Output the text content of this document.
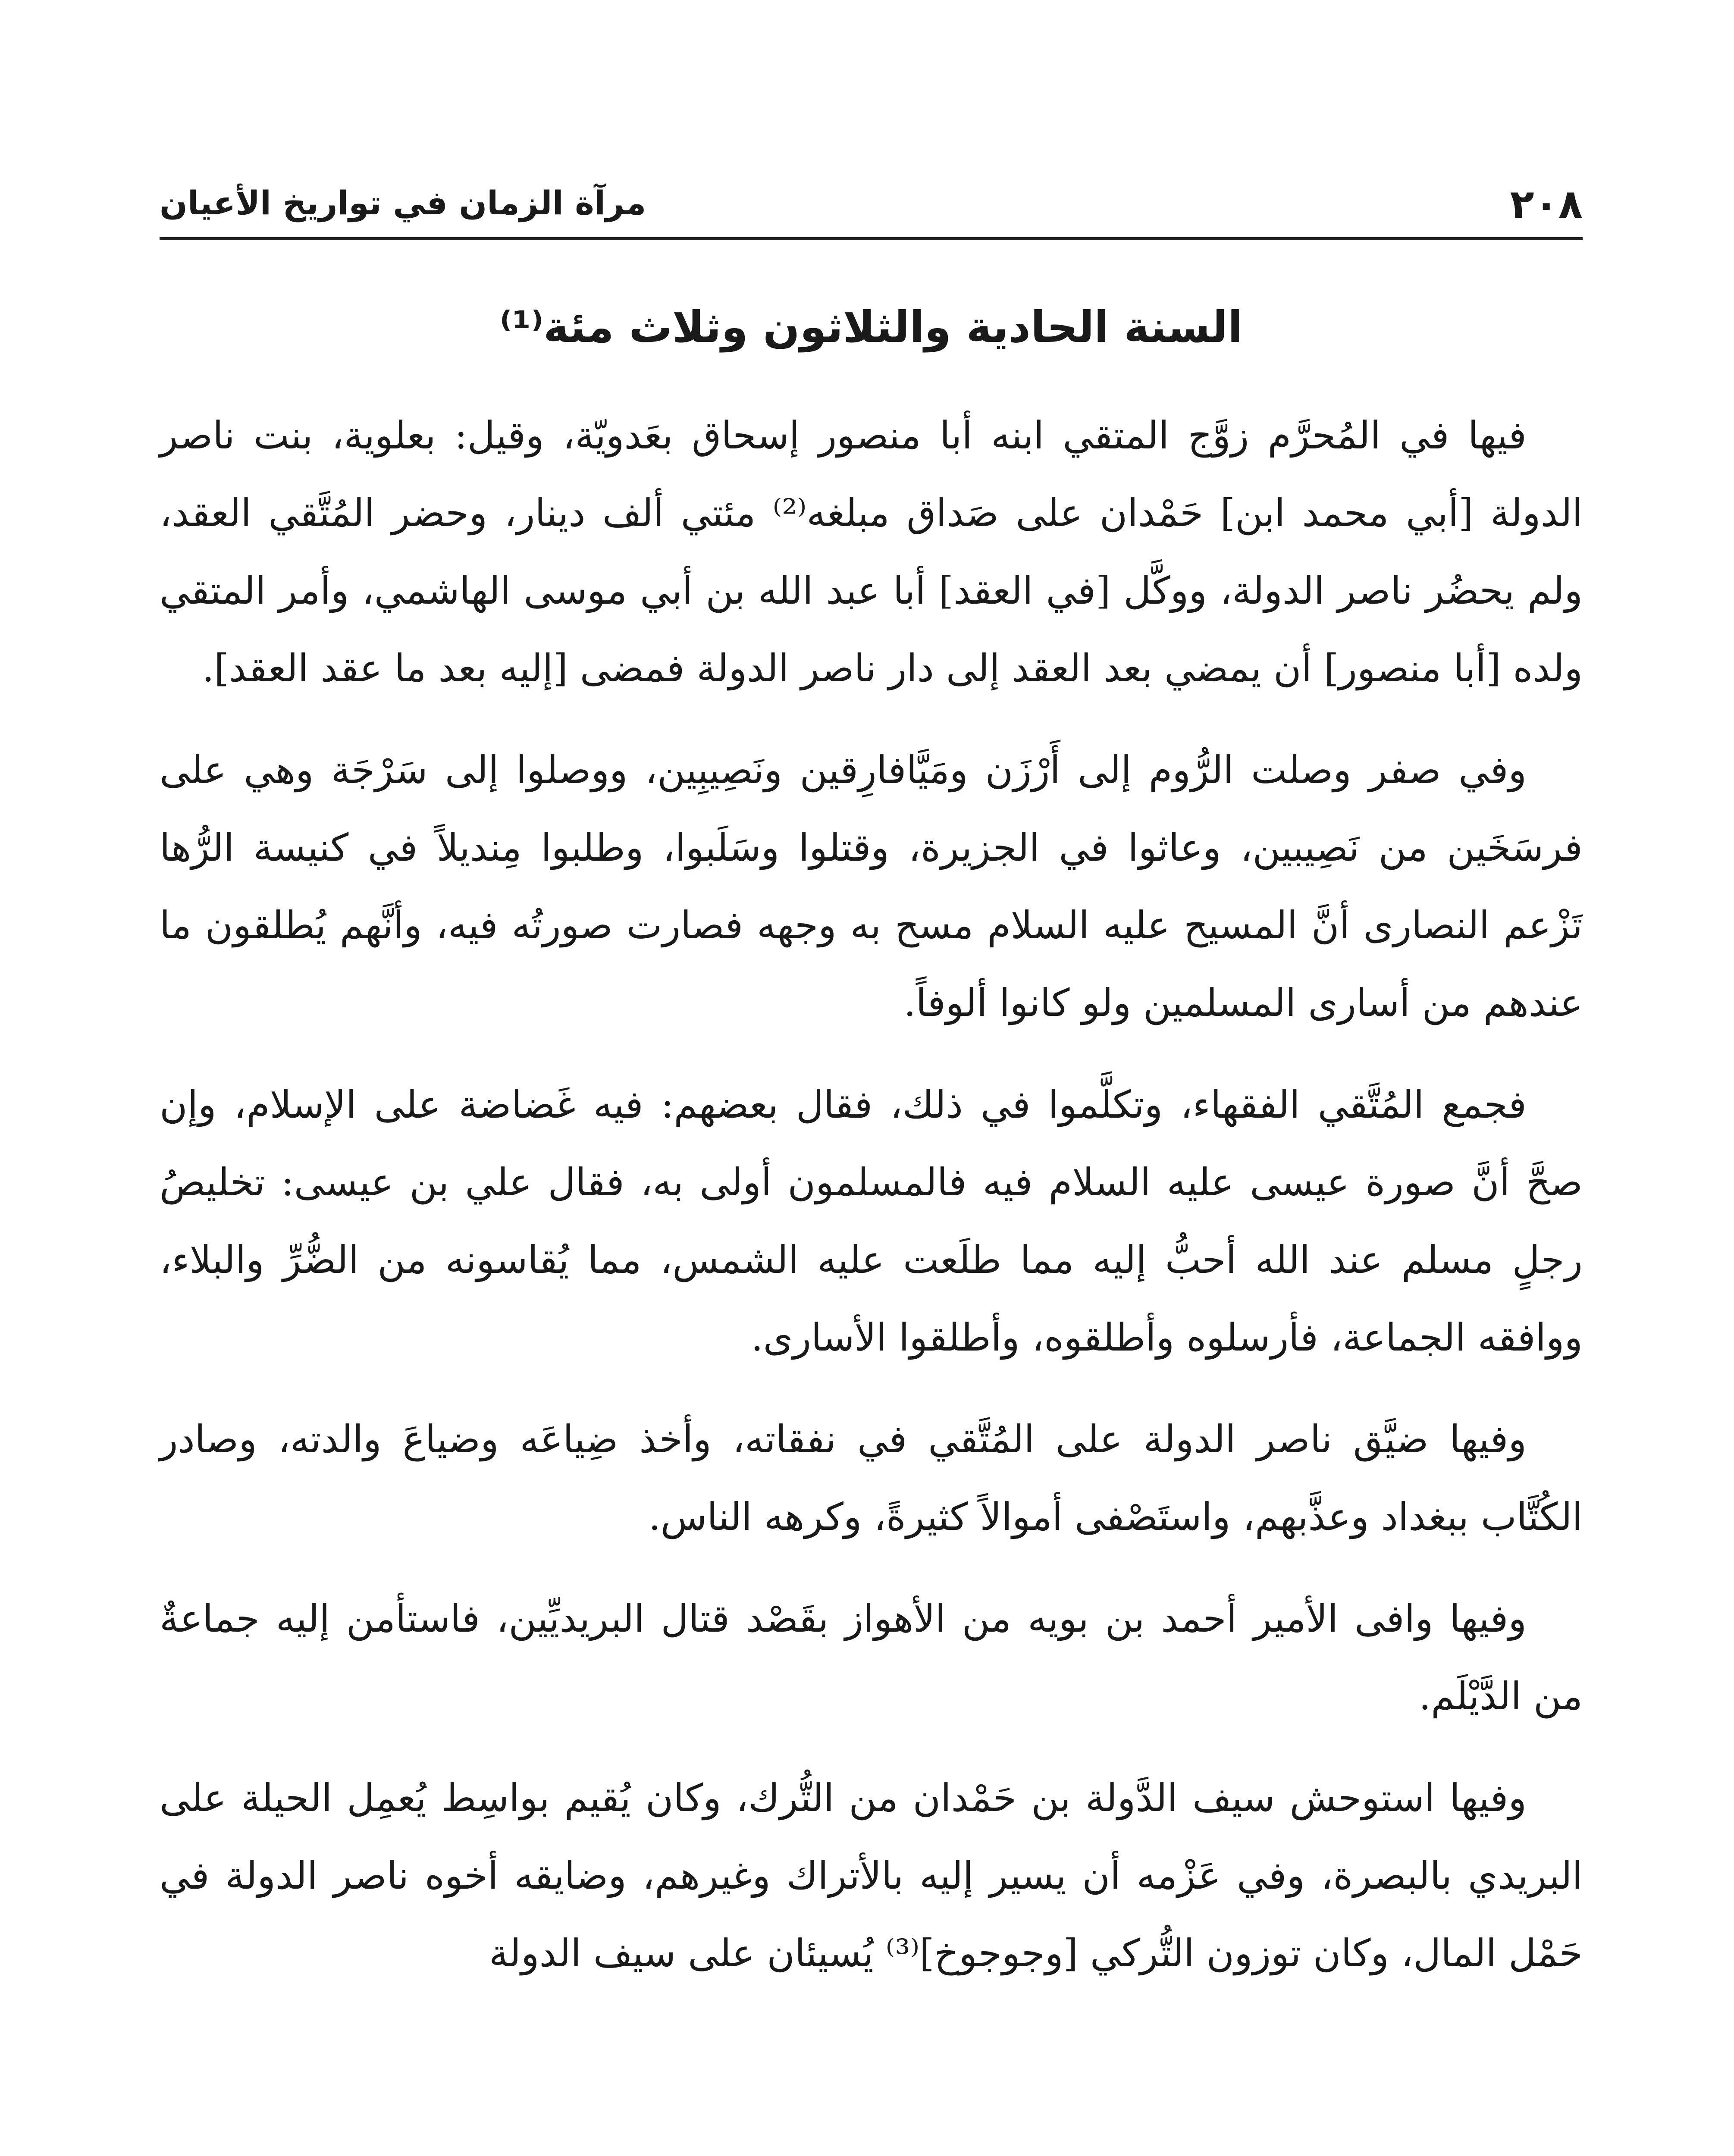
٢٠٨
مرآة الزمان في تواريخ الأعيان
السنة الحادية والثلاثون وثلاث مئة⁽¹⁾

فيها في المُحرَّم زوَّج المتقي ابنه أبا منصور إسحاق بعَدويّة، وقيل: بعلوية، بنت ناصر الدولة [أبي محمد ابن] حَمْدان على صَداق مبلغه⁽²⁾ مئتي ألف دينار، وحضر المُتَّقي العقد، ولم يحضُر ناصر الدولة، ووكَّل [في العقد] أبا عبد الله بن أبي موسى الهاشمي، وأمر المتقي ولده [أبا منصور] أن يمضي بعد العقد إلى دار ناصر الدولة فمضى [إليه بعد ما عقد العقد].

وفي صفر وصلت الرُّوم إلى أَرْزَن ومَيَّافارِقين ونَصِيبِين، ووصلوا إلى سَرْجَة وهي على فرسَخَين من نَصِيبين، وعاثوا في الجزيرة، وقتلوا وسَلَبوا، وطلبوا مِنديلاً في كنيسة الرُّها تَزْعم النصارى أنَّ المسيح عليه السلام مسح به وجهه فصارت صورتُه فيه، وأنَّهم يُطلقون ما عندهم من أسارى المسلمين ولو كانوا ألوفاً.

فجمع المُتَّقي الفقهاء، وتكلَّموا في ذلك، فقال بعضهم: فيه غَضاضة على الإسلام، وإن صحَّ أنَّ صورة عيسى عليه السلام فيه فالمسلمون أولى به، فقال علي بن عيسى: تخليصُ رجلٍ مسلم عند الله أحبُّ إليه مما طلَعت عليه الشمس، مما يُقاسونه من الضُّرِّ والبلاء، ووافقه الجماعة، فأرسلوه وأطلقوه، وأطلقوا الأسارى.

وفيها ضيَّق ناصر الدولة على المُتَّقي في نفقاته، وأخذ ضِياعَه وضياعَ والدته، وصادر الكُتَّاب ببغداد وعذَّبهم، واستَصْفى أموالاً كثيرةً، وكرهه الناس.

وفيها وافى الأمير أحمد بن بويه من الأهواز بقَصْد قتال البريديِّين، فاستأمن إليه جماعةٌ من الدَّيْلَم.

وفيها استوحش سيف الدَّولة بن حَمْدان من التُّرك، وكان يُقيم بواسِط يُعمِل الحيلة على البريدي بالبصرة، وفي عَزْمه أن يسير إليه بالأتراك وغيرهم، وضايقه أخوه ناصر الدولة في حَمْل المال، وكان توزون التُّركي [وجوجوخ]⁽³⁾ يُسيئان على سيف الدولة
